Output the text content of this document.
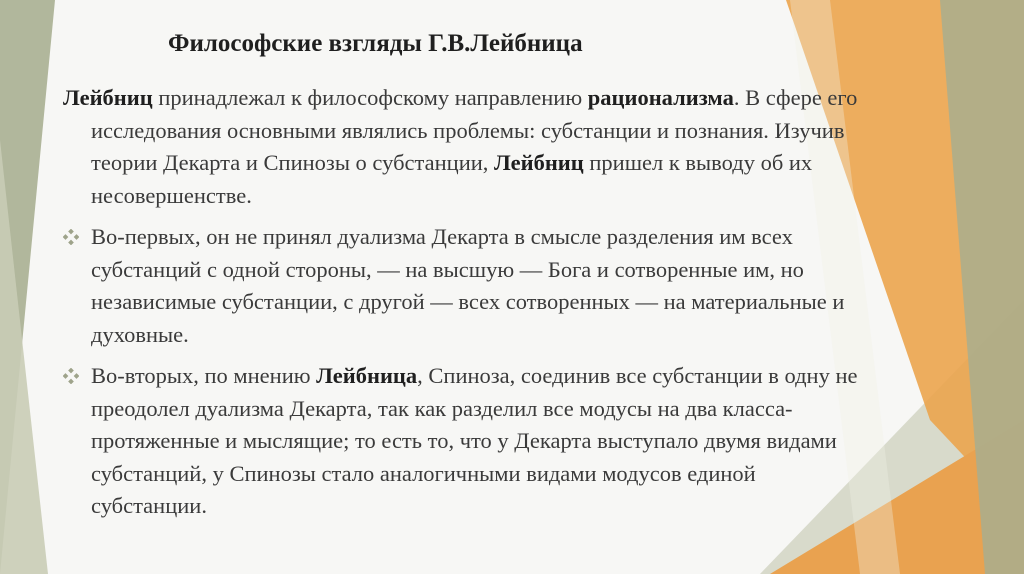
Философские взгляды Г.В.Лейбница

Лейбниц принадлежал к философскому направлению рационализма. В сфере его исследования основными являлись проблемы: субстанции и познания. Изучив теории Декарта и Спинозы о субстанции, Лейбниц пришел к выводу об их несовершенстве.

Во-первых, он не принял дуализма Декарта в смысле разделения им всех субстанций с одной стороны, — на высшую — Бога и сотворенные им, но независимые субстанции, с другой — всех сотворенных — на материальные и духовные.
Во-вторых, по мнению Лейбница, Спиноза, соединив все субстанции в одну не преодолел дуализма Декарта, так как разделил все модусы на два класса- протяженные и мыслящие; то есть то, что у Декарта выступало двумя видами субстанций, у Спинозы стало аналогичными видами модусов единой субстанции.
